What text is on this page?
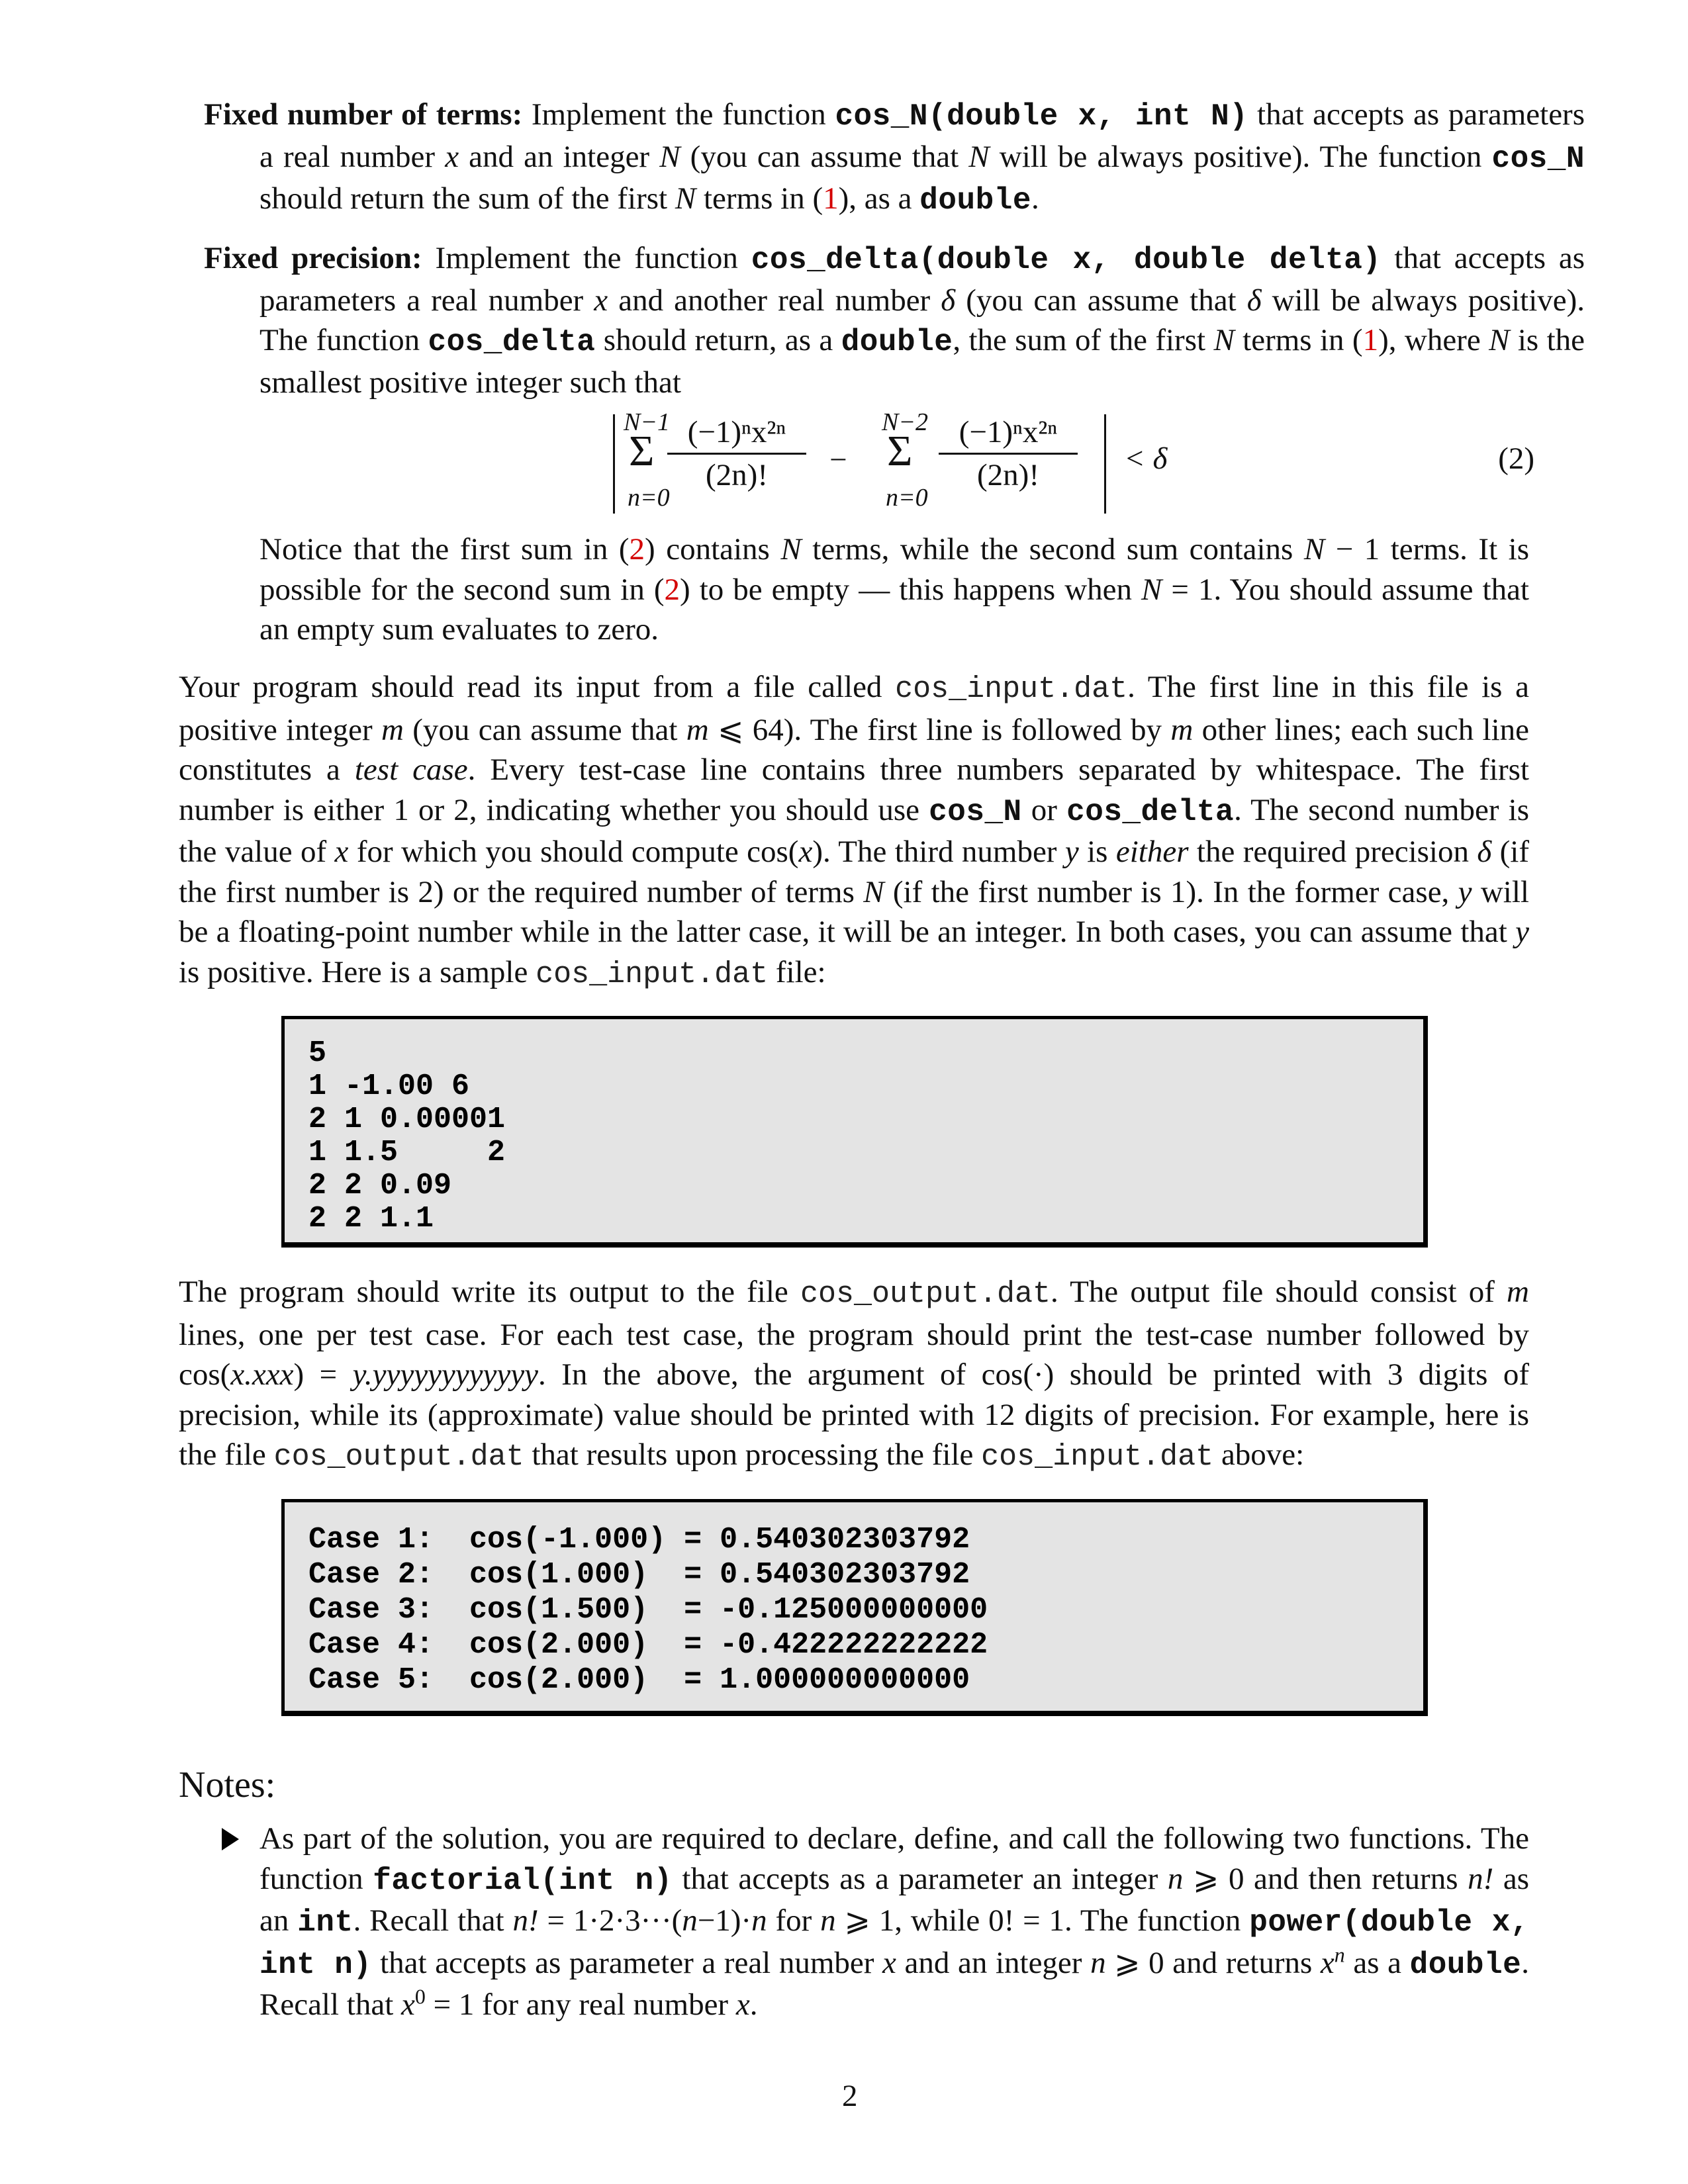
Fixed number of terms: Implement the function cos_N(double x, int N) that accepts as parameters a real number x and an integer N (you can assume that N will be always positive). The function cos_N should return the sum of the first N terms in (1), as a double.
Fixed precision: Implement the function cos_delta(double x, double delta) that accepts as parameters a real number x and another real number δ (you can assume that δ will be always positive). The function cos_delta should return, as a double, the sum of the first N terms in (1), where N is the smallest positive integer such that
N−1
Σ
n=0
(−1)ⁿx²ⁿ
(2n)!	−
N−2
Σ
n=0
(−1)ⁿx²ⁿ
(2n)!	< δ	(2)
Notice that the first sum in (2) contains N terms, while the second sum contains N − 1 terms. It is possible for the second sum in (2) to be empty — this happens when N = 1. You should assume that an empty sum evaluates to zero.
Your program should read its input from a file called cos_input.dat. The first line in this file is a positive integer m (you can assume that m ⩽ 64). The first line is followed by m other lines; each such line constitutes a test case. Every test-case line contains three numbers separated by whitespace. The first number is either 1 or 2, indicating whether you should use cos_N or cos_delta. The second number is the value of x for which you should compute cos(x). The third number y is either the required precision δ (if the first number is 2) or the required number of terms N (if the first number is 1). In the former case, y will be a floating-point number while in the latter case, it will be an integer. In both cases, you can assume that y is positive. Here is a sample cos_input.dat file:
5
1 -1.00 6
2 1 0.00001
1 1.5     2
2 2 0.09
2 2 1.1
The program should write its output to the file cos_output.dat. The output file should consist of m lines, one per test case. For each test case, the program should print the test-case number followed by cos(x.xxx) = y.yyyyyyyyyyyy. In the above, the argument of cos(·) should be printed with 3 digits of precision, while its (approximate) value should be printed with 12 digits of precision. For example, here is the file cos_output.dat that results upon processing the file cos_input.dat above:
Case 1:  cos(-1.000) = 0.540302303792
Case 2:  cos(1.000)  = 0.540302303792
Case 3:  cos(1.500)  = -0.125000000000
Case 4:  cos(2.000)  = -0.422222222222
Case 5:  cos(2.000)  = 1.000000000000
Notes:
As part of the solution, you are required to declare, define, and call the following two functions. The function factorial(int n) that accepts as a parameter an integer n ⩾ 0 and then returns n! as an int. Recall that n! = 1·2·3···(n−1)·n for n ⩾ 1, while 0! = 1. The function power(double x, int n) that accepts as parameter a real number x and an integer n ⩾ 0 and returns $x^n$ as a double. Recall that $x^0 = 1$ for any real number x.
2
